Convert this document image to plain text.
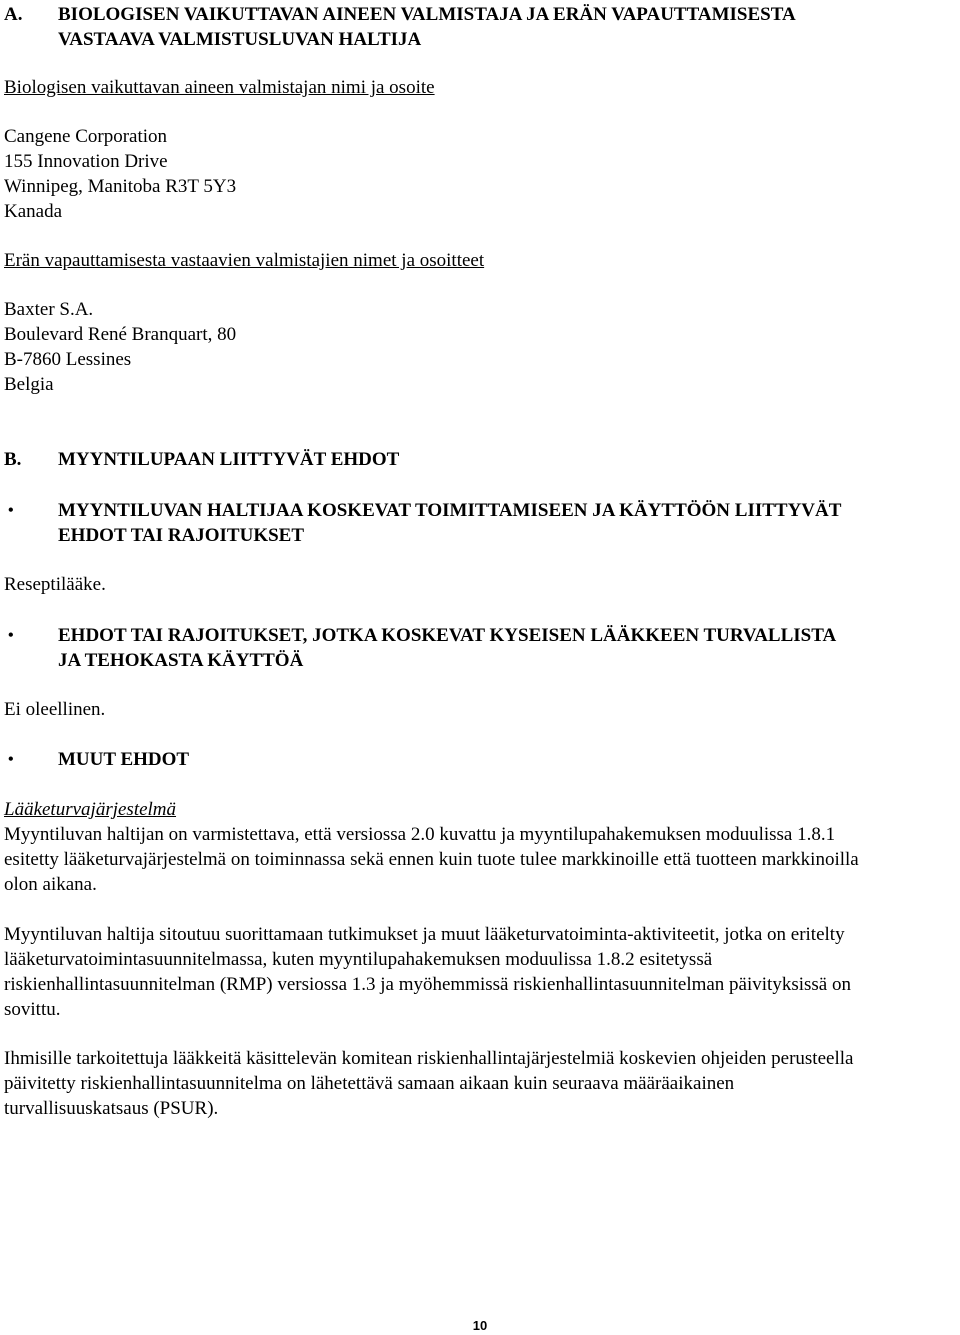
A. BIOLOGISEN VAIKUTTAVAN AINEEN VALMISTAJA JA ERÄN VAPAUTTAMISESTA
VASTAAVA VALMISTUSLUVAN HALTIJA
Biologisen vaikuttavan aineen valmistajan nimi ja osoite
Cangene Corporation
155 Innovation Drive
Winnipeg, Manitoba R3T 5Y3
Kanada
Erän vapauttamisesta vastaavien valmistajien nimet ja osoitteet
Baxter S.A.
Boulevard René Branquart, 80
B-7860 Lessines
Belgia
B. MYYNTILUPAAN LIITTYVÄT EHDOT
• MYYNTILUVAN HALTIJAA KOSKEVAT TOIMITTAMISEEN JA KÄYTTÖÖN LIITTYVÄT
EHDOT TAI RAJOITUKSET
Reseptilääke.
• EHDOT TAI RAJOITUKSET, JOTKA KOSKEVAT KYSEISEN LÄÄKKEEN TURVALLISTA
JA TEHOKASTA KÄYTTÖÄ
Ei oleellinen.
• MUUT EHDOT
Lääketurvajärjestelmä
Myyntiluvan haltijan on varmistettava, että versiossa 2.0 kuvattu ja myyntilupahakemuksen moduulissa 1.8.1
esitetty lääketurvajärjestelmä on toiminnassa sekä ennen kuin tuote tulee markkinoille että tuotteen markkinoilla
olon aikana.
Myyntiluvan haltija sitoutuu suorittamaan tutkimukset ja muut lääketurvatoiminta-aktiviteetit, jotka on eritelty
lääketurvatoimintasuunnitelmassa, kuten myyntilupahakemuksen moduulissa 1.8.2 esitetyssä
riskienhallintasuunnitelman (RMP) versiossa 1.3 ja myöhemmissä riskienhallintasuunnitelman päivityksissä on
sovittu.
Ihmisille tarkoitettuja lääkkeitä käsittelevän komitean riskienhallintajärjestelmiä koskevien ohjeiden perusteella
päivitetty riskienhallintasuunnitelma on lähetettävä samaan aikaan kuin seuraava määräaikainen
turvallisuuskatsaus (PSUR).
10
